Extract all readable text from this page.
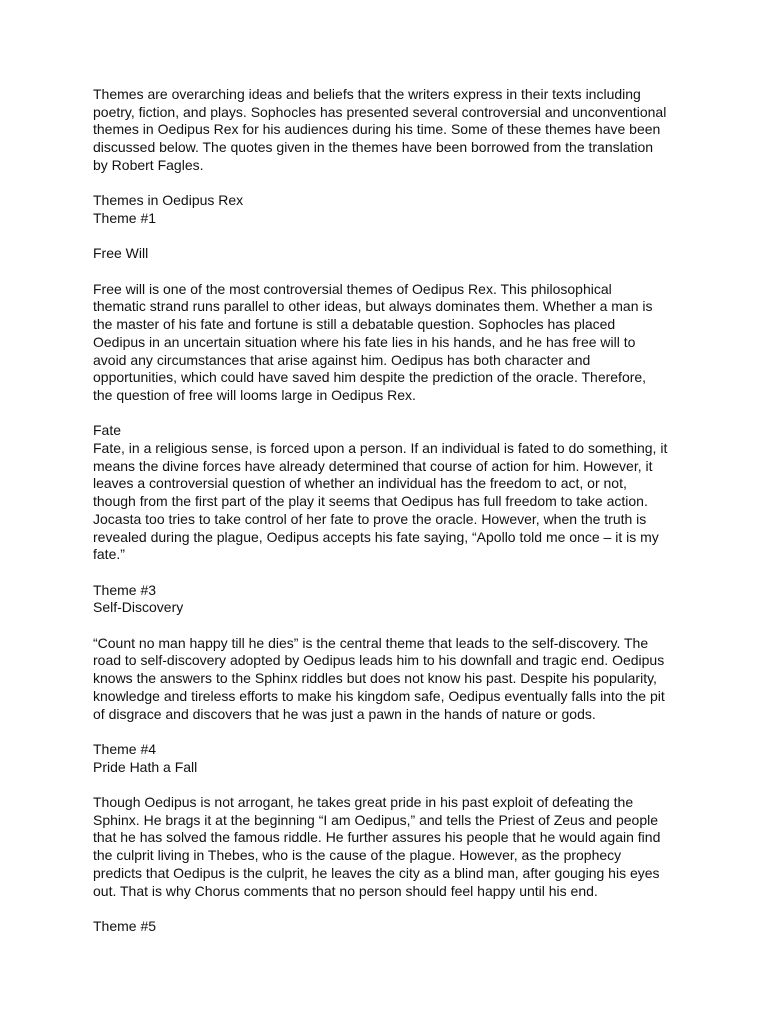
Themes are overarching ideas and beliefs that the writers express in their texts including
poetry, fiction, and plays. Sophocles has presented several controversial and unconventional
themes in Oedipus Rex for his audiences during his time. Some of these themes have been
discussed below. The quotes given in the themes have been borrowed from the translation
by Robert Fagles.

Themes in Oedipus Rex

Theme #1

Free Will

Free will is one of the most controversial themes of Oedipus Rex. This philosophical
thematic strand runs parallel to other ideas, but always dominates them. Whether a man is
the master of his fate and fortune is still a debatable question. Sophocles has placed
Oedipus in an uncertain situation where his fate lies in his hands, and he has free will to
avoid any circumstances that arise against him. Oedipus has both character and
opportunities, which could have saved him despite the prediction of the oracle. Therefore,
the question of free will looms large in Oedipus Rex.

Fate

Fate, in a religious sense, is forced upon a person. If an individual is fated to do something, it
means the divine forces have already determined that course of action for him. However, it
leaves a controversial question of whether an individual has the freedom to act, or not,
though from the first part of the play it seems that Oedipus has full freedom to take action.
Jocasta too tries to take control of her fate to prove the oracle. However, when the truth is
revealed during the plague, Oedipus accepts his fate saying, “Apollo told me once – it is my
fate.”

Theme #3

Self-Discovery

“Count no man happy till he dies” is the central theme that leads to the self-discovery. The
road to self-discovery adopted by Oedipus leads him to his downfall and tragic end. Oedipus
knows the answers to the Sphinx riddles but does not know his past. Despite his popularity,
knowledge and tireless efforts to make his kingdom safe, Oedipus eventually falls into the pit
of disgrace and discovers that he was just a pawn in the hands of nature or gods.

Theme #4

Pride Hath a Fall

Though Oedipus is not arrogant, he takes great pride in his past exploit of defeating the
Sphinx. He brags it at the beginning “I am Oedipus,” and tells the Priest of Zeus and people
that he has solved the famous riddle. He further assures his people that he would again find
the culprit living in Thebes, who is the cause of the plague. However, as the prophecy
predicts that Oedipus is the culprit, he leaves the city as a blind man, after gouging his eyes
out. That is why Chorus comments that no person should feel happy until his end.

Theme #5
